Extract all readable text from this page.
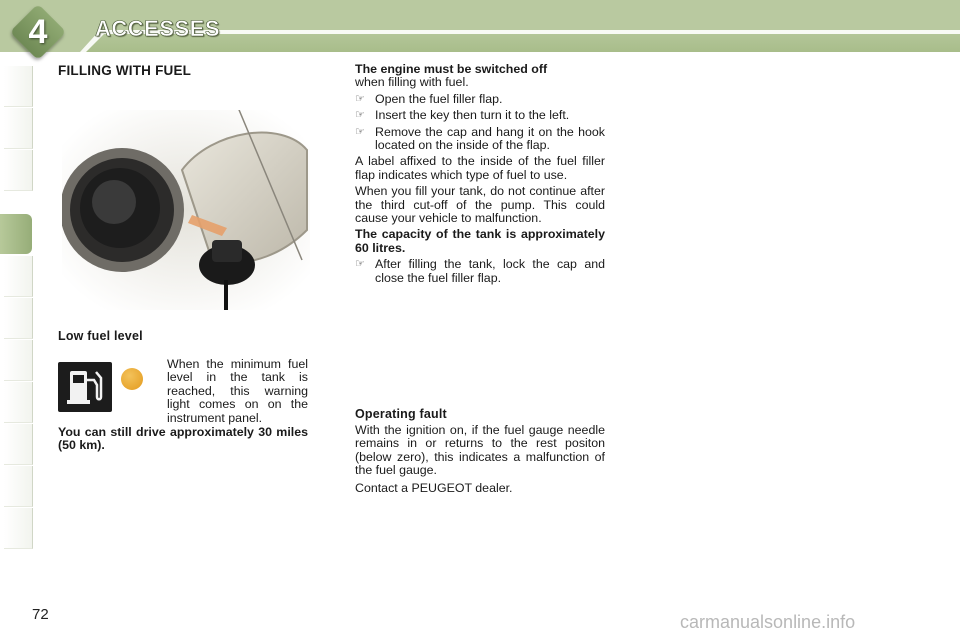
4	ACCESSES
FILLING WITH FUEL
Low fuel level
When the minimum fuel level in the tank is reached, this warning light comes on on the instrument panel.
You can still drive approximately 30 miles (50 km).

The engine must be switched off
when filling with fuel.

☞ Open the fuel filler flap.
☞ Insert the key then turn it to the left.
☞ Remove the cap and hang it on the hook located on the inside of the flap.

A label affixed to the inside of the fuel filler flap indicates which type of fuel to use.

When you fill your tank, do not continue after the third cut-off of the pump. This could cause your vehicle to malfunction.

The capacity of the tank is approximately 60 litres.

☞ After filling the tank, lock the cap and close the fuel filler flap.
Operating fault

With the ignition on, if the fuel gauge needle remains in or returns to the rest positon (below zero), this indicates a malfunction of the fuel gauge.

Contact a PEUGEOT dealer.

72	carmanualsonline.info
